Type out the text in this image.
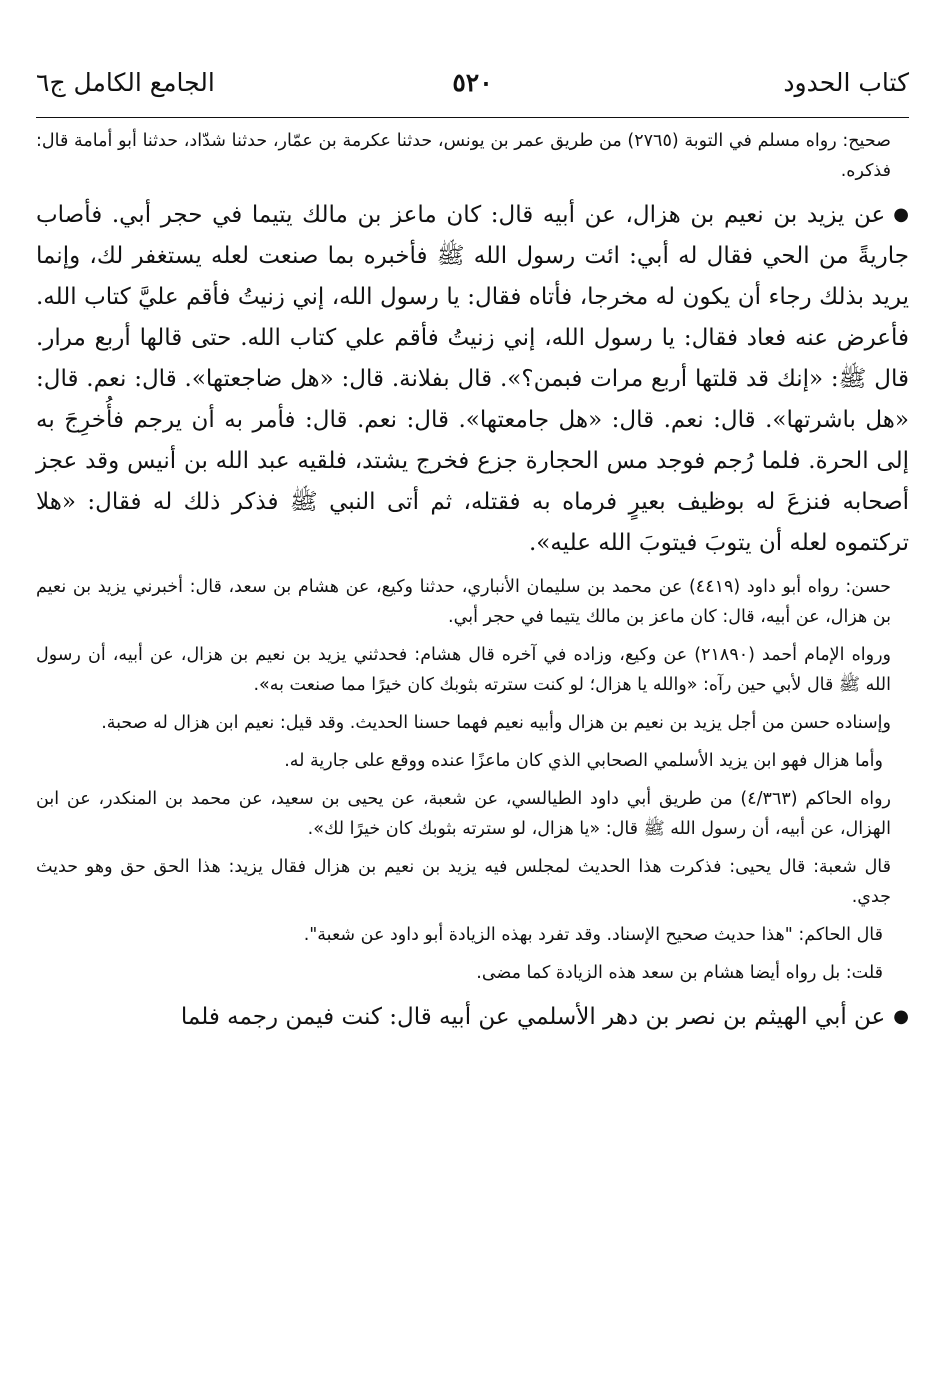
كتاب الحدود
٥٢٠
الجامع الكامل ج٦

صحيح: رواه مسلم في التوبة (٢٧٦٥) من طريق عمر بن يونس، حدثنا عكرمة بن عمّار، حدثنا شدّاد، حدثنا أبو أمامة قال: فذكره.

●عن يزيد بن نعيم بن هزال، عن أبيه قال: كان ماعز بن مالك يتيما في حجر أبي. فأصاب جاريةً من الحي فقال له أبي: ائت رسول الله ﷺ فأخبره بما صنعت لعله يستغفر لك، وإنما يريد بذلك رجاء أن يكون له مخرجا، فأتاه فقال: يا رسول الله، إني زنيتُ فأقم عليَّ كتاب الله. فأعرض عنه فعاد فقال: يا رسول الله، إني زنيتُ فأقم علي كتاب الله. حتى قالها أربع مرار. قال ﷺ: «إنك قد قلتها أربع مرات فبمن؟». قال بفلانة. قال: «هل ضاجعتها». قال: نعم. قال: «هل باشرتها». قال: نعم. قال: «هل جامعتها». قال: نعم. قال: فأمر به أن يرجم فأُخرِجَ به إلى الحرة. فلما رُجم فوجد مس الحجارة جزع فخرج يشتد، فلقيه عبد الله بن أنيس وقد عجز أصحابه فنزعَ له بوظيف بعيرٍ فرماه به فقتله، ثم أتى النبي ﷺ فذكر ذلك له فقال: «هلا تركتموه لعله أن يتوبَ فيتوبَ الله عليه».

حسن: رواه أبو داود (٤٤١٩) عن محمد بن سليمان الأنباري، حدثنا وكيع، عن هشام بن سعد، قال: أخبرني يزيد بن نعيم بن هزال، عن أبيه، قال: كان ماعز بن مالك يتيما في حجر أبي.

ورواه الإمام أحمد (٢١٨٩٠) عن وكيع، وزاده في آخره قال هشام: فحدثني يزيد بن نعيم بن هزال، عن أبيه، أن رسول الله ﷺ قال لأبي حين رآه: «والله يا هزال؛ لو كنت سترته بثوبك كان خيرًا مما صنعت به».

وإسناده حسن من أجل يزيد بن نعيم بن هزال وأبيه نعيم فهما حسنا الحديث. وقد قيل: نعيم ابن هزال له صحبة.

وأما هزال فهو ابن يزيد الأسلمي الصحابي الذي كان ماعزًا عنده ووقع على جارية له.

رواه الحاكم (٤/٣٦٣) من طريق أبي داود الطيالسي، عن شعبة، عن يحيى بن سعيد، عن محمد بن المنكدر، عن ابن الهزال، عن أبيه، أن رسول الله ﷺ قال: «يا هزال، لو سترته بثوبك كان خيرًا لك».

قال شعبة: قال يحيى: فذكرت هذا الحديث لمجلس فيه يزيد بن نعيم بن هزال فقال يزيد: هذا الحق حق وهو حديث جدي.

قال الحاكم: "هذا حديث صحيح الإسناد. وقد تفرد بهذه الزيادة أبو داود عن شعبة".

قلت: بل رواه أيضا هشام بن سعد هذه الزيادة كما مضى.

●عن أبي الهيثم بن نصر بن دهر الأسلمي عن أبيه قال: كنت فيمن رجمه فلما
